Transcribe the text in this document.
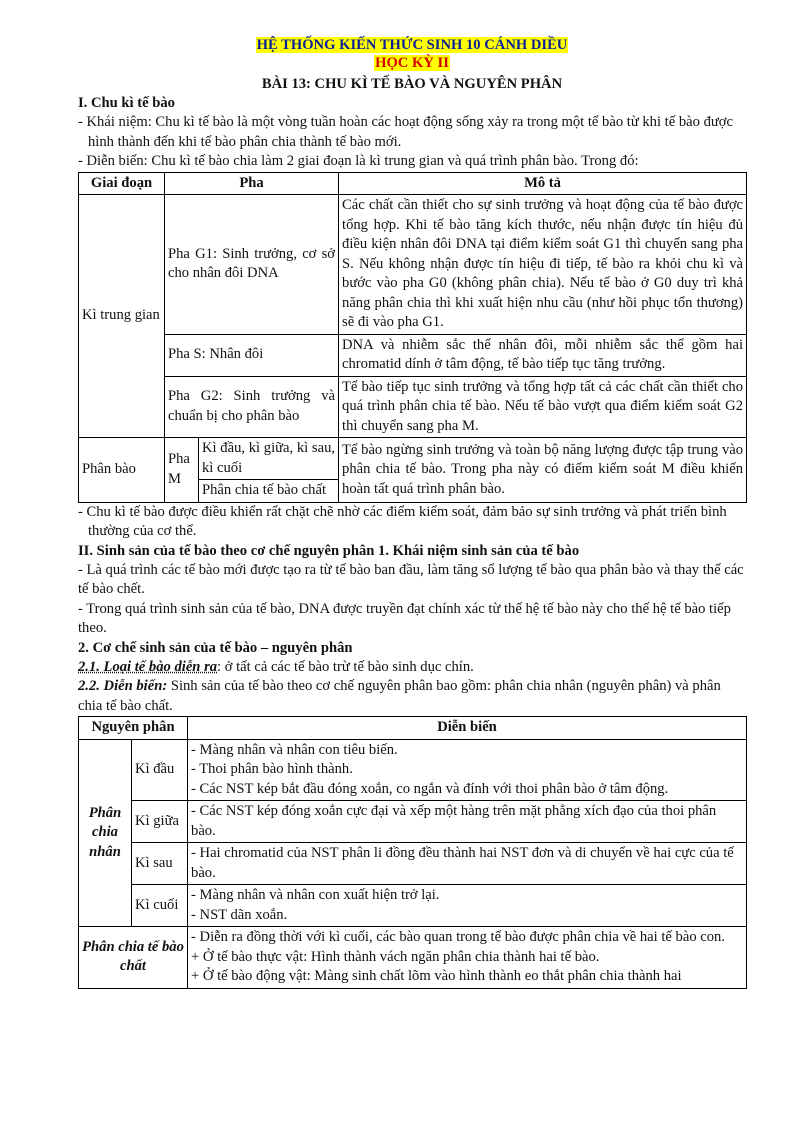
HỆ THỐNG KIẾN THỨC SINH 10 CÁNH DIỀU
HỌC KỲ II
BÀI 13: CHU KÌ TẾ BÀO VÀ NGUYÊN PHÂN
I. Chu kì tế bào
- Khái niệm: Chu kì tế bào là một vòng tuần hoàn các hoạt động sống xảy ra trong một tế bào từ khi tế bào được hình thành đến khi tế bào phân chia thành tế bào mới.
- Diễn biến: Chu kì tế bào chia làm 2 giai đoạn là kì trung gian và quá trình phân bào. Trong đó:
Giai đoạn	Pha		Mô tả
Kì trung gian	Pha G1: Sinh trưởng, cơ sở cho nhân đôi DNA		Các chất cần thiết cho sự sinh trưởng và hoạt động của tế bào được tổng hợp. Khi tế bào tăng kích thước, nếu nhận được tín hiệu đủ điều kiện nhân đôi DNA tại điểm kiểm soát G1 thì chuyển sang pha S. Nếu không nhận được tín hiệu đi tiếp, tế bào ra khỏi chu kì và bước vào pha G0 (không phân chia). Nếu tế bào ở G0 duy trì khả năng phân chia thì khi xuất hiện nhu cầu (như hồi phục tổn thương) sẽ đi vào pha G1.
	Pha S: Nhân đôi		DNA và nhiễm sắc thể nhân đôi, mỗi nhiễm sắc thể gồm hai chromatid dính ở tâm động, tế bào tiếp tục tăng trưởng.
	Pha G2: Sinh trưởng và chuẩn bị cho phân bào		Tế bào tiếp tục sinh trưởng và tổng hợp tất cả các chất cần thiết cho quá trình phân chia tế bào. Nếu tế bào vượt qua điểm kiểm soát G2 thì chuyển sang pha M.
Phân bào	Pha M	Kì đầu, kì giữa, kì sau, kì cuối	Tế bào ngừng sinh trưởng và toàn bộ năng lượng được tập trung vào phân chia tế bào. Trong pha này có điểm kiểm soát M điều khiển hoàn tất quá trình phân bào.
		Phân chia tế bào chất	
- Chu kì tế bào được điều khiển rất chặt chẽ nhờ các điểm kiểm soát, đảm bảo sự sinh trưởng và phát triển bình thường của cơ thể.
II. Sinh sản của tế bào theo cơ chế nguyên phân 1. Khái niệm sinh sản của tế bào
- Là quá trình các tế bào mới được tạo ra từ tế bào ban đầu, làm tăng số lượng tế bào qua phân bào và thay thế các tế bào chết.
- Trong quá trình sinh sản của tế bào, DNA được truyền đạt chính xác từ thế hệ tế bào này cho thế hệ tế bào tiếp theo.
2. Cơ chế sinh sản của tế bào – nguyên phân
2.1. Loại tế bào diễn ra: ở tất cả các tế bào trừ tế bào sinh dục chín.
2.2. Diễn biến: Sinh sản của tế bào theo cơ chế nguyên phân bao gồm: phân chia nhân (nguyên phân) và phân chia tế bào chất.
Nguyên phân		Diễn biến
Phân chia nhân	Kì đầu	- Màng nhân và nhân con tiêu biến.
- Thoi phân bào hình thành.
- Các NST kép bắt đầu đóng xoắn, co ngắn và đính với thoi phân bào ở tâm động.

	Kì giữa	- Các NST kép đóng xoắn cực đại và xếp một hàng trên mặt phẳng xích đạo của thoi phân bào.
	Kì sau	- Hai chromatid của NST phân li đồng đều thành hai NST đơn và di chuyển về hai cực của tế bào.
	Kì cuối	- Màng nhân và nhân con xuất hiện trở lại.
- NST dãn xoắn.

Phân chia tế bào chất		- Diễn ra đồng thời với kì cuối, các bào quan trong tế bào được phân chia về hai tế bào con.
+ Ở tế bào thực vật: Hình thành vách ngăn phân chia thành hai tế bào.
+ Ở tế bào động vật: Màng sinh chất lõm vào hình thành eo thắt phân chia thành hai
